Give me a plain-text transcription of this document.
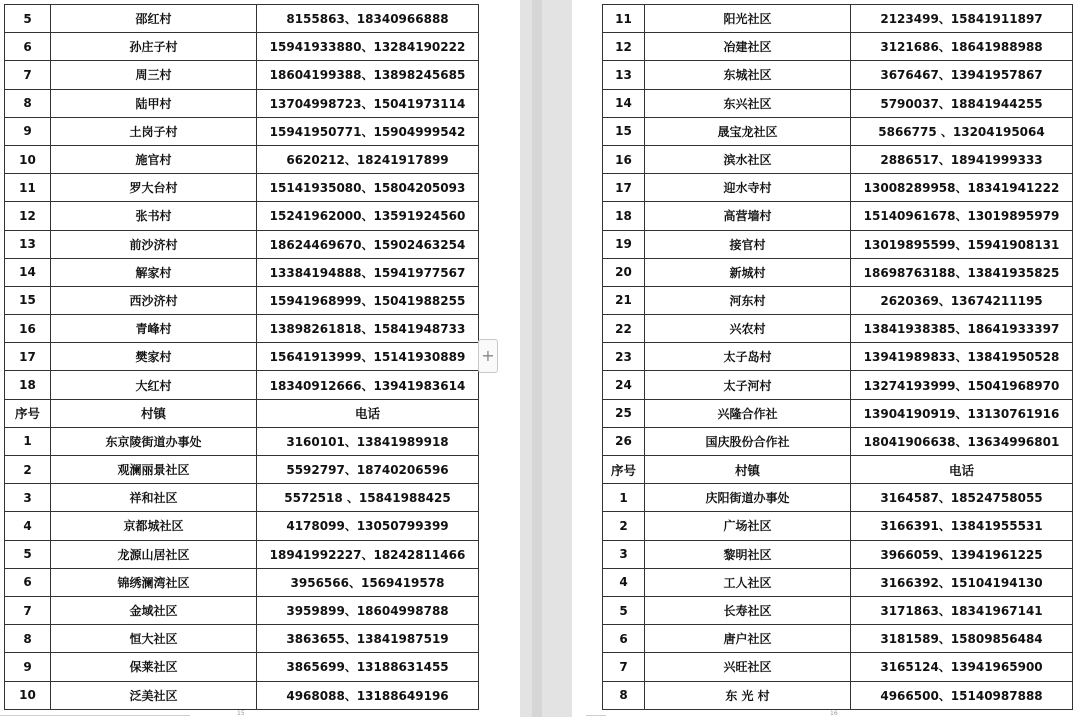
5	邵红村	8155863、18340966888
6	孙庄子村	15941933880、13284190222
7	周三村	18604199388、13898245685
8	陆甲村	13704998723、15041973114
9	土岗子村	15941950771、15904999542
10	施官村	6620212、18241917899
11	罗大台村	15141935080、15804205093
12	张书村	15241962000、13591924560
13	前沙济村	18624469670、15902463254
14	解家村	13384194888、15941977567
15	西沙济村	15941968999、15041988255
16	青峰村	13898261818、15841948733
17	樊家村	15641913999、15141930889
18	大红村	18340912666、13941983614
序号	村镇	电话
1	东京陵街道办事处	3160101、13841989918
2	观澜丽景社区	5592797、18740206596
3	祥和社区	5572518 、15841988425
4	京都城社区	4178099、13050799399
5	龙源山居社区	18941992227、18242811466
6	锦绣澜湾社区	3956566、1569419578
7	金域社区	3959899、18604998788
8	恒大社区	3863655、13841987519
9	保莱社区	3865699、13188631455
10	泛美社区	4968088、13188649196
15
11	阳光社区	2123499、15841911897
12	冶建社区	3121686、18641988988
13	东城社区	3676467、13941957867
14	东兴社区	5790037、18841944255
15	晟宝龙社区	5866775 、13204195064
16	滨水社区	2886517、18941999333
17	迎水寺村	13008289958、18341941222
18	高营墙村	15140961678、13019895979
19	接官村	13019895599、15941908131
20	新城村	18698763188、13841935825
21	河东村	2620369、13674211195
22	兴农村	13841938385、18641933397
23	太子岛村	13941989833、13841950528
24	太子河村	13274193999、15041968970
25	兴隆合作社	13904190919、13130761916
26	国庆股份合作社	18041906638、13634996801
序号	村镇	电话
1	庆阳街道办事处	3164587、18524758055
2	广场社区	3166391、13841955531
3	黎明社区	3966059、13941961225
4	工人社区	3166392、15104194130
5	长寿社区	3171863、18341967141
6	唐户社区	3181589、15809856484
7	兴旺社区	3165124、13941965900
8	东 光 村	4966500、15140987888
16
+
